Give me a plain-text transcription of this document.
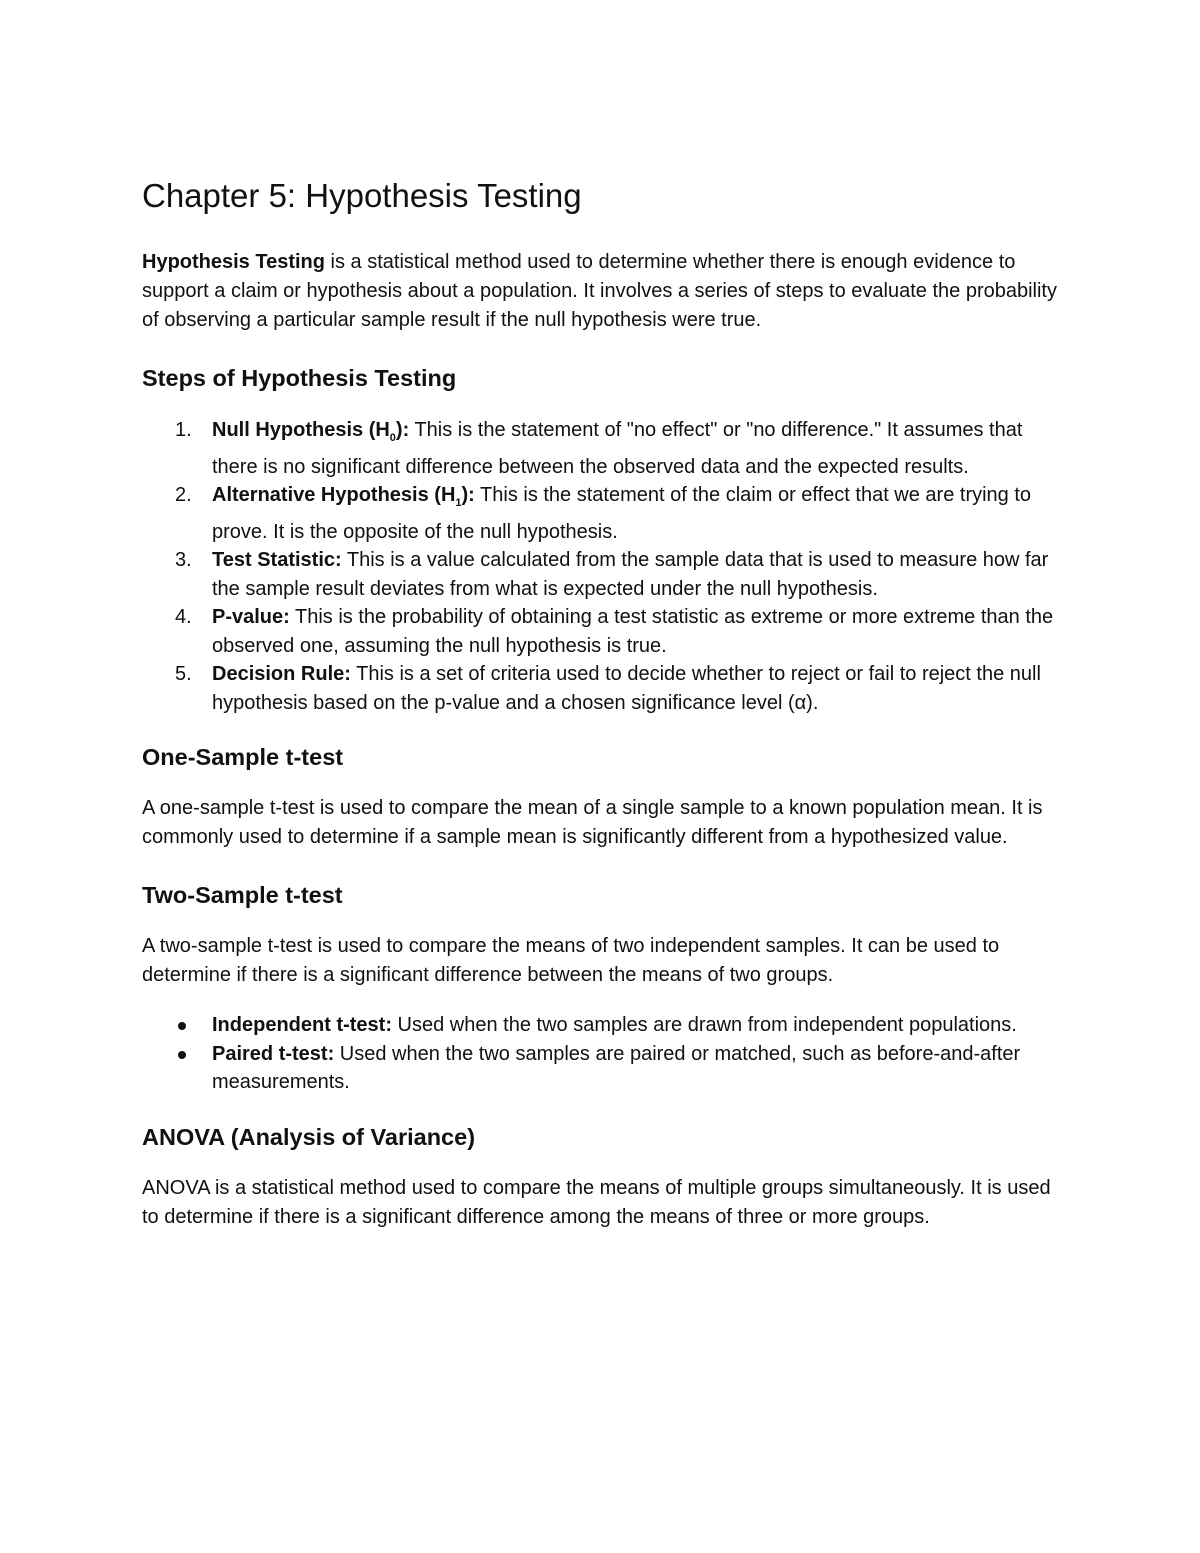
Chapter 5: Hypothesis Testing

Hypothesis Testing is a statistical method used to determine whether there is enough evidence to support a claim or hypothesis about a population. It involves a series of steps to evaluate the probability of observing a particular sample result if the null hypothesis were true.

Steps of Hypothesis Testing
1. Null Hypothesis $(H_0)$: This is the statement of "no effect" or "no difference." It assumes that there is no significant difference between the observed data and the expected results.
2. Alternative Hypothesis $(H_1)$: This is the statement of the claim or effect that we are trying to prove. It is the opposite of the null hypothesis.
3. Test Statistic: This is a value calculated from the sample data that is used to measure how far the sample result deviates from what is expected under the null hypothesis.
4. P-value: This is the probability of obtaining a test statistic as extreme or more extreme than the observed one, assuming the null hypothesis is true.
5. Decision Rule: This is a set of criteria used to decide whether to reject or fail to reject the null hypothesis based on the p-value and a chosen significance level (α).
One-Sample t-test

A one-sample t-test is used to compare the mean of a single sample to a known population mean. It is commonly used to determine if a sample mean is significantly different from a hypothesized value.

Two-Sample t-test

A two-sample t-test is used to compare the means of two independent samples. It can be used to determine if there is a significant difference between the means of two groups.

Independent t-test: Used when the two samples are drawn from independent populations.
Paired t-test: Used when the two samples are paired or matched, such as before-and-after measurements.
ANOVA (Analysis of Variance)

ANOVA is a statistical method used to compare the means of multiple groups simultaneously. It is used to determine if there is a significant difference among the means of three or more groups.
